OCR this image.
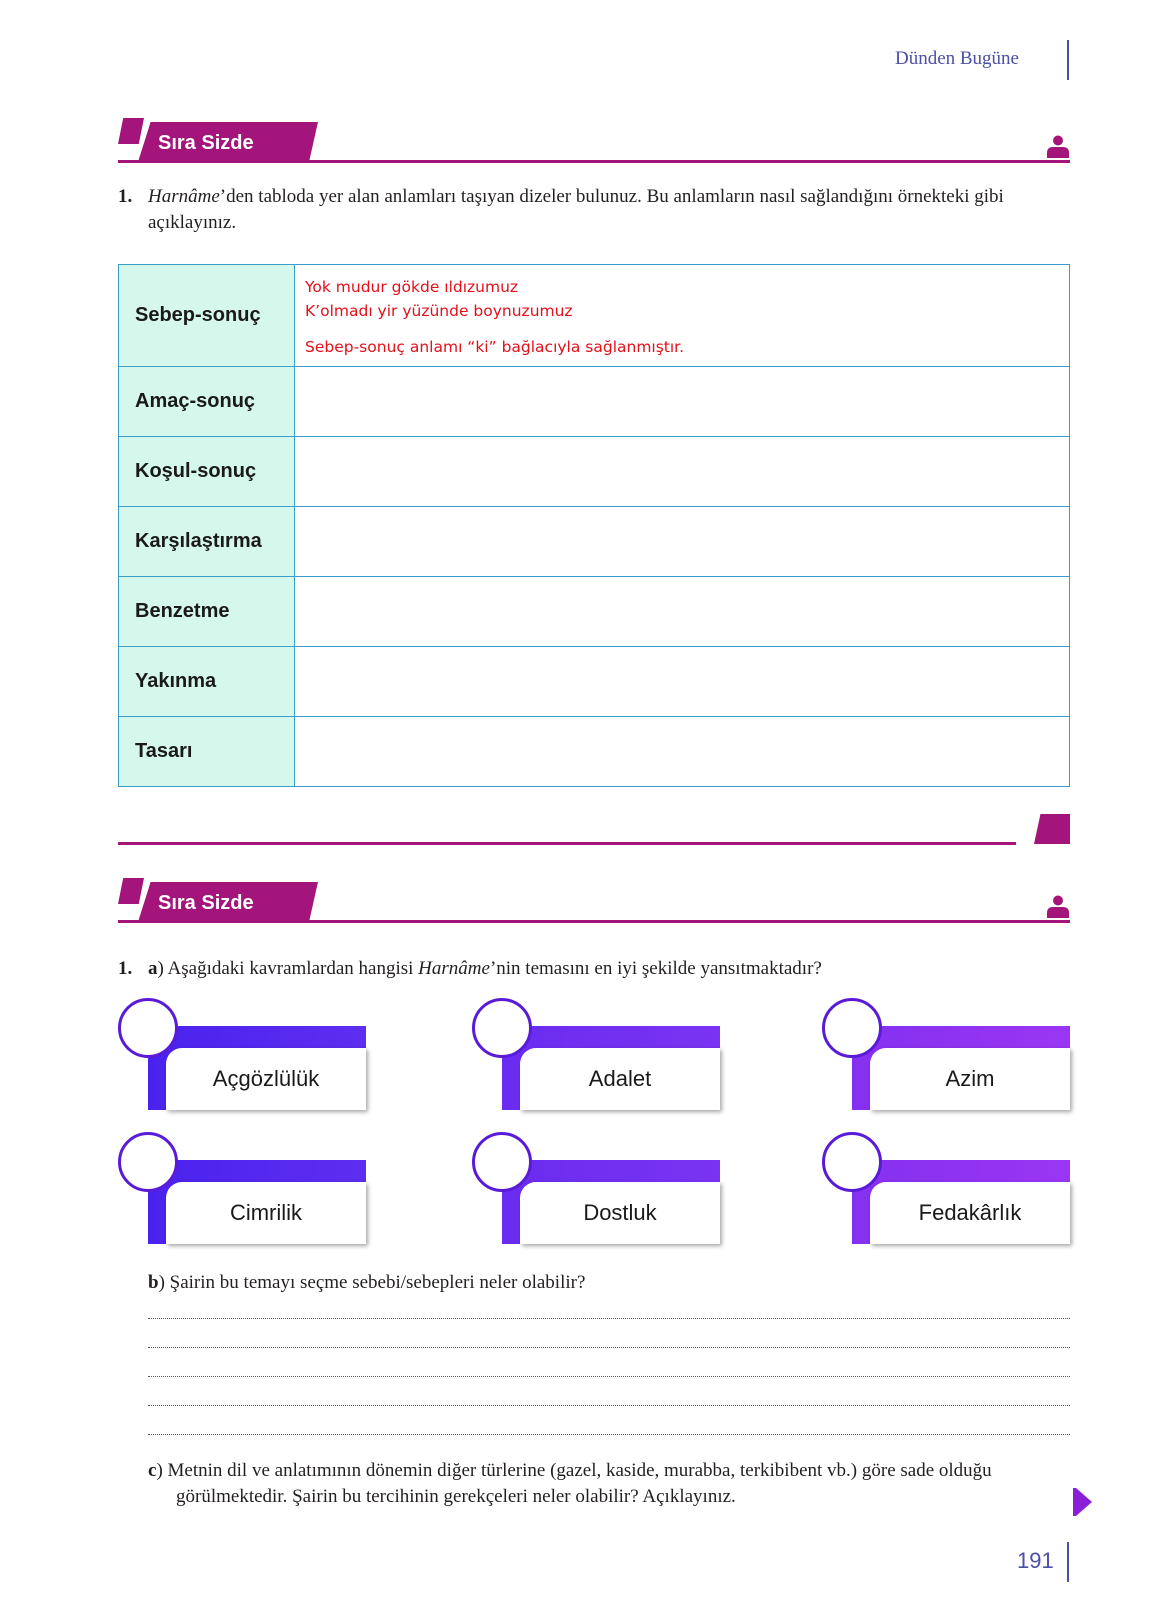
Dünden Bugüne
Sıra Sizde
1. Harnâme’den tabloda yer alan anlamları taşıyan dizeler bulunuz. Bu anlamların nasıl sağlandığını örnekteki gibi
açıklayınız.
Sebep-sonuç	Yok mudur gökde ıldızumuz
K’olmadı yir yüzünde boynuzumuz
Sebep-sonuç anlamı “ki” bağlacıyla sağlanmıştır.

Amaç-sonuç	
Koşul-sonuç	
Karşılaştırma	
Benzetme	
Yakınma	
Tasarı	
Sıra Sizde
1. a) Aşağıdaki kavramlardan hangisi Harnâme’nin temasını en iyi şekilde yansıtmaktadır?
Açgözlülük	Adalet	Azim
Cimrilik	Dostluk	Fedakârlık
b) Şairin bu temayı seçme sebebi/sebepleri neler olabilir?
c) Metnin dil ve anlatımının dönemin diğer türlerine (gazel, kaside, murabba, terkibibent vb.) göre sade olduğu
görülmektedir. Şairin bu tercihinin gerekçeleri neler olabilir? Açıklayınız.
191
